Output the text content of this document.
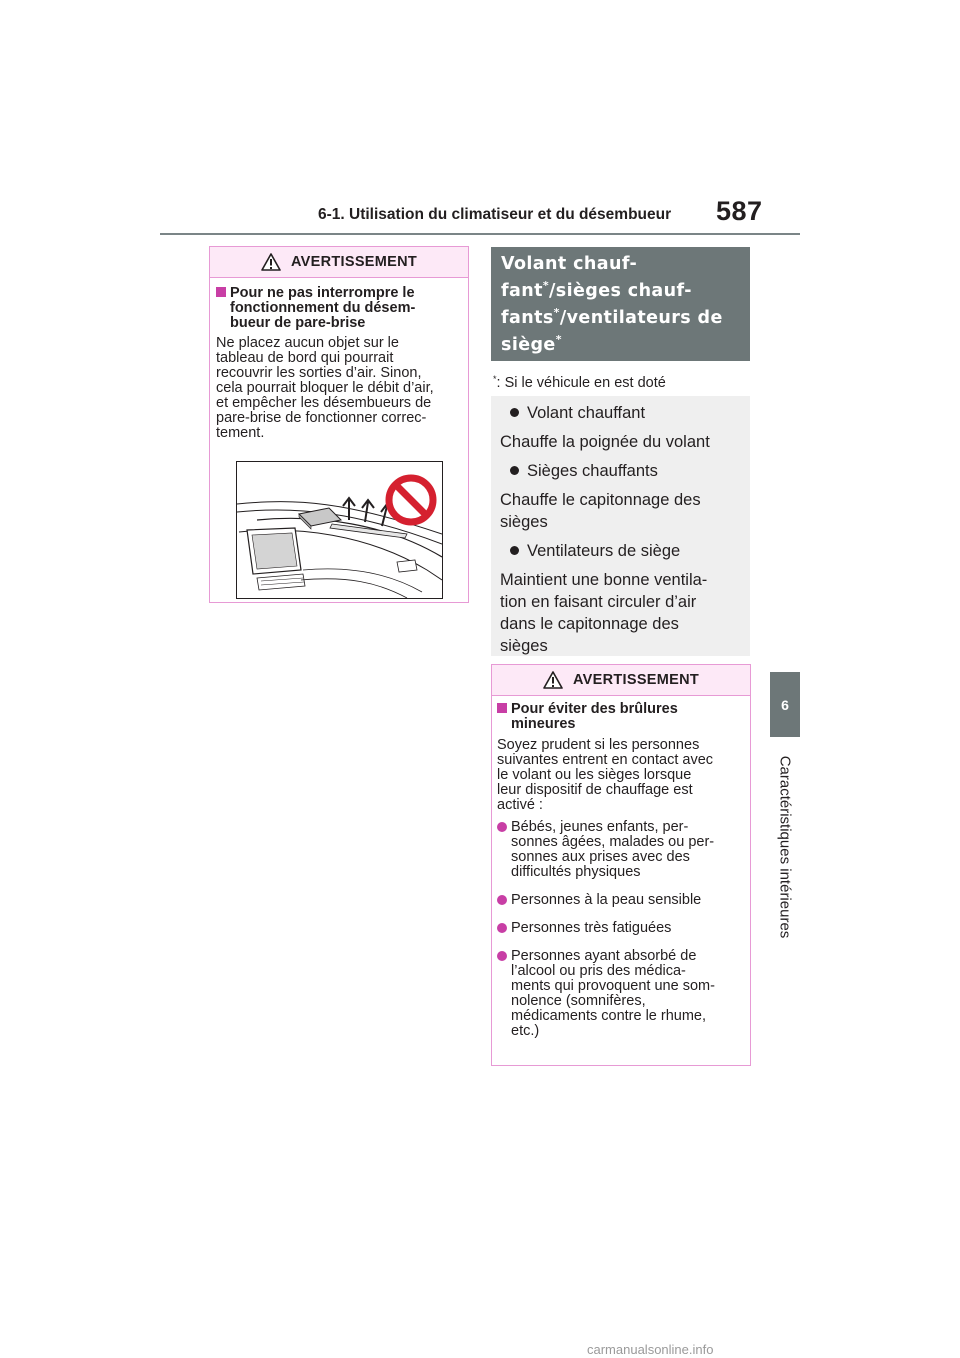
6-1. Utilisation du climatiseur et du désembueur 587
6
Caractéristiques intérieures
AVERTISSEMENT
Pour ne pas interrompre le
fonctionnement du désem-
bueur de pare-brise
Ne placez aucun objet sur le
tableau de bord qui pourrait
recouvrir les sorties d’air. Sinon,
cela pourrait bloquer le débit d’air,
et empêcher les désembueurs de
pare-brise de fonctionner correc-
tement.
Volant chauf-
fant*/sièges chauf-
fants*/ventilateurs de
siège*
*: Si le véhicule en est doté

Volant chauffant

Chauffe la poignée du volant

Sièges chauffants

Chauffe le capitonnage des
sièges

Ventilateurs de siège

Maintient une bonne ventila-
tion en faisant circuler d’air
dans le capitonnage des
sièges

AVERTISSEMENT
Pour éviter des brûlures
mineures
Soyez prudent si les personnes
suivantes entrent en contact avec
le volant ou les sièges lorsque
leur dispositif de chauffage est
activé :
Bébés, jeunes enfants, per-
sonnes âgées, malades ou per-
sonnes aux prises avec des
difficultés physiques
Personnes à la peau sensible
Personnes très fatiguées
Personnes ayant absorbé de
l’alcool ou pris des médica-
ments qui provoquent une som-
nolence (somnifères,
médicaments contre le rhume,
etc.)
carmanualsonline.info
